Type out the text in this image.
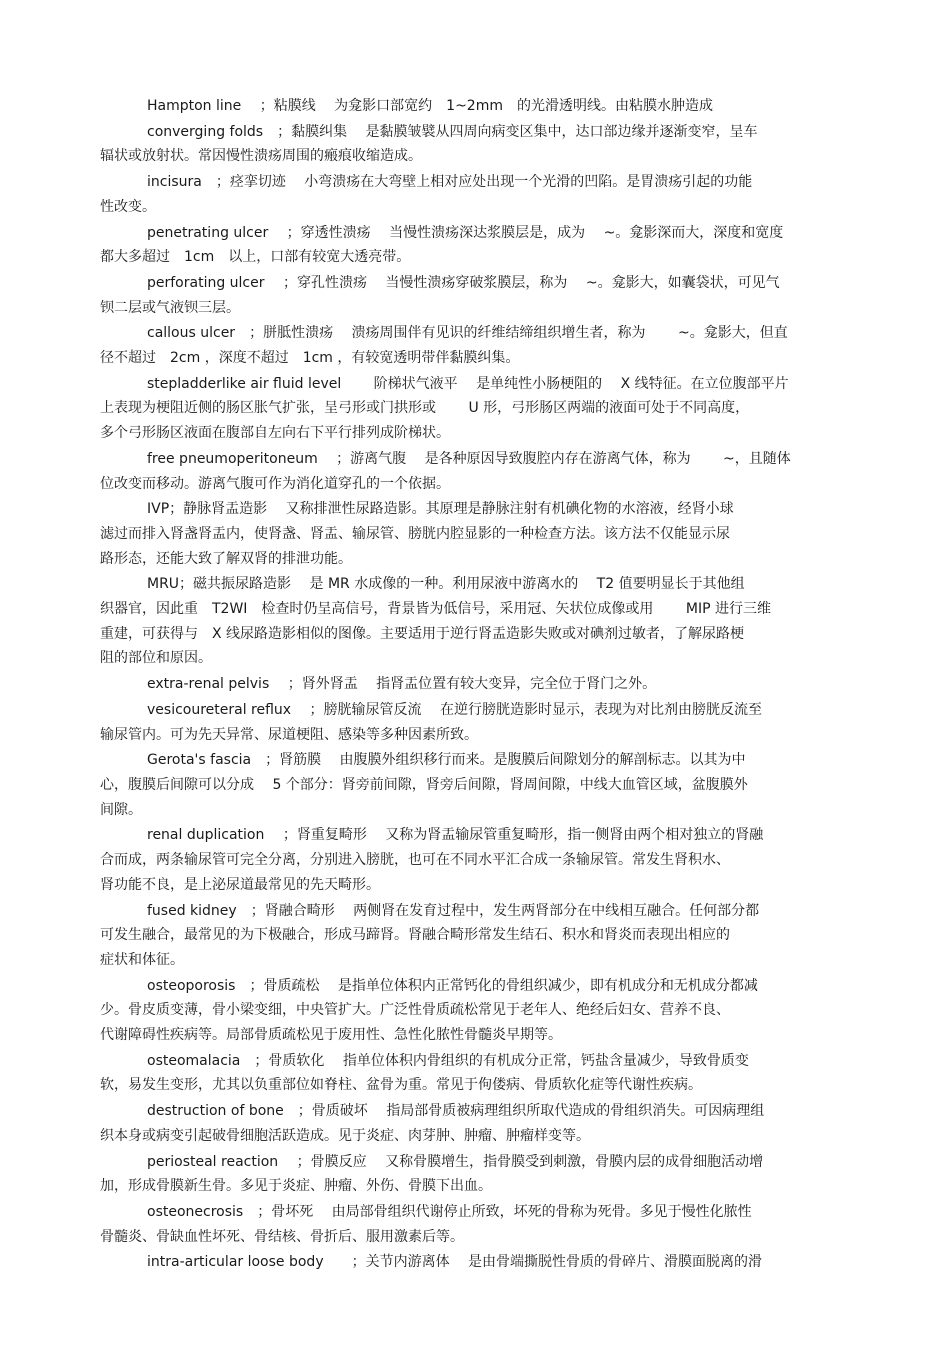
Hampton line　 ；粘膜线　 为龛影口部宽约　1~2mm　的光滑透明线。由粘膜水肿造成

converging folds　；黏膜纠集　 是黏膜皱襞从四周向病变区集中，达口部边缘并逐渐变窄，呈车

辐状或放射状。常因慢性溃疡周围的瘢痕收缩造成。

incisura　；痉挛切迹　 小弯溃疡在大弯壁上相对应处出现一个光滑的凹陷。是胃溃疡引起的功能

性改变。

penetrating ulcer　 ；穿透性溃疡　 当慢性溃疡深达浆膜层是，成为　 ~。龛影深而大，深度和宽度

都大多超过　1cm　以上，口部有较宽大透亮带。

perforating ulcer　 ；穿孔性溃疡　 当慢性溃疡穿破浆膜层，称为　 ~。龛影大，如囊袋状，可见气

钡二层或气液钡三层。

callous ulcer　；胼胝性溃疡　 溃疡周围伴有见识的纤维结缔组织增生者，称为　　 ~。龛影大，但直

径不超过　2cm ，深度不超过　1cm ，有较宽透明带伴黏膜纠集。

stepladderlike air fluid level　　 阶梯状气液平　 是单纯性小肠梗阻的　 X 线特征。在立位腹部平片

上表现为梗阻近侧的肠区胀气扩张，呈弓形或门拱形或　　 U 形，弓形肠区两端的液面可处于不同高度，

多个弓形肠区液面在腹部自左向右下平行排列成阶梯状。

free pneumoperitoneum　 ；游离气腹　 是各种原因导致腹腔内存在游离气体，称为　　 ~，且随体

位改变而移动。游离气腹可作为消化道穿孔的一个依据。

IVP；静脉肾盂造影　 又称排泄性尿路造影。其原理是静脉注射有机碘化物的水溶液，经肾小球

滤过而排入肾盏肾盂内，使肾盏、肾盂、输尿管、膀胱内腔显影的一种检查方法。该方法不仅能显示尿

路形态，还能大致了解双肾的排泄功能。

MRU；磁共振尿路造影　 是 MR 水成像的一种。利用尿液中游离水的　 T2 值要明显长于其他组

织器官，因此重　T2WI　检查时仍呈高信号，背景皆为低信号，采用冠、矢状位成像或用　　 MIP 进行三维

重建，可获得与　X 线尿路造影相似的图像。主要适用于逆行肾盂造影失败或对碘剂过敏者，了解尿路梗

阻的部位和原因。

extra-renal pelvis　 ；肾外肾盂　 指肾盂位置有较大变异，完全位于肾门之外。

vesicoureteral reflux　 ；膀胱输尿管反流　 在逆行膀胱造影时显示，表现为对比剂由膀胱反流至

输尿管内。可为先天异常、尿道梗阻、感染等多种因素所致。

Gerota's fascia　；肾筋膜　 由腹膜外组织移行而来。是腹膜后间隙划分的解剖标志。以其为中

心，腹膜后间隙可以分成　 5 个部分：肾旁前间隙，肾旁后间隙，肾周间隙，中线大血管区域，盆腹膜外

间隙。

renal duplication　 ；肾重复畸形　 又称为肾盂输尿管重复畸形，指一侧肾由两个相对独立的肾融

合而成，两条输尿管可完全分离，分别进入膀胱，也可在不同水平汇合成一条输尿管。常发生肾积水、

肾功能不良，是上泌尿道最常见的先天畸形。

fused kidney　；肾融合畸形　 两侧肾在发育过程中，发生两肾部分在中线相互融合。任何部分都

可发生融合，最常见的为下极融合，形成马蹄肾。肾融合畸形常发生结石、积水和肾炎而表现出相应的

症状和体征。

osteoporosis　；骨质疏松　 是指单位体积内正常钙化的骨组织减少，即有机成分和无机成分都减

少。骨皮质变薄，骨小梁变细，中央管扩大。广泛性骨质疏松常见于老年人、绝经后妇女、营养不良、

代谢障碍性疾病等。局部骨质疏松见于废用性、急性化脓性骨髓炎早期等。

osteomalacia　；骨质软化　 指单位体积内骨组织的有机成分正常，钙盐含量减少，导致骨质变

软，易发生变形，尤其以负重部位如脊柱、盆骨为重。常见于佝偻病、骨质软化症等代谢性疾病。

destruction of bone　；骨质破坏　 指局部骨质被病理组织所取代造成的骨组织消失。可因病理组

织本身或病变引起破骨细胞活跃造成。见于炎症、肉芽肿、肿瘤、肿瘤样变等。

periosteal reaction　 ；骨膜反应　 又称骨膜增生，指骨膜受到刺激，骨膜内层的成骨细胞活动增

加，形成骨膜新生骨。多见于炎症、肿瘤、外伤、骨膜下出血。

osteonecrosis　；骨坏死　 由局部骨组织代谢停止所致，坏死的骨称为死骨。多见于慢性化脓性

骨髓炎、骨缺血性坏死、骨结核、骨折后、服用激素后等。

intra-articular loose body　　；关节内游离体　 是由骨端撕脱性骨质的骨碎片、滑膜面脱离的滑
